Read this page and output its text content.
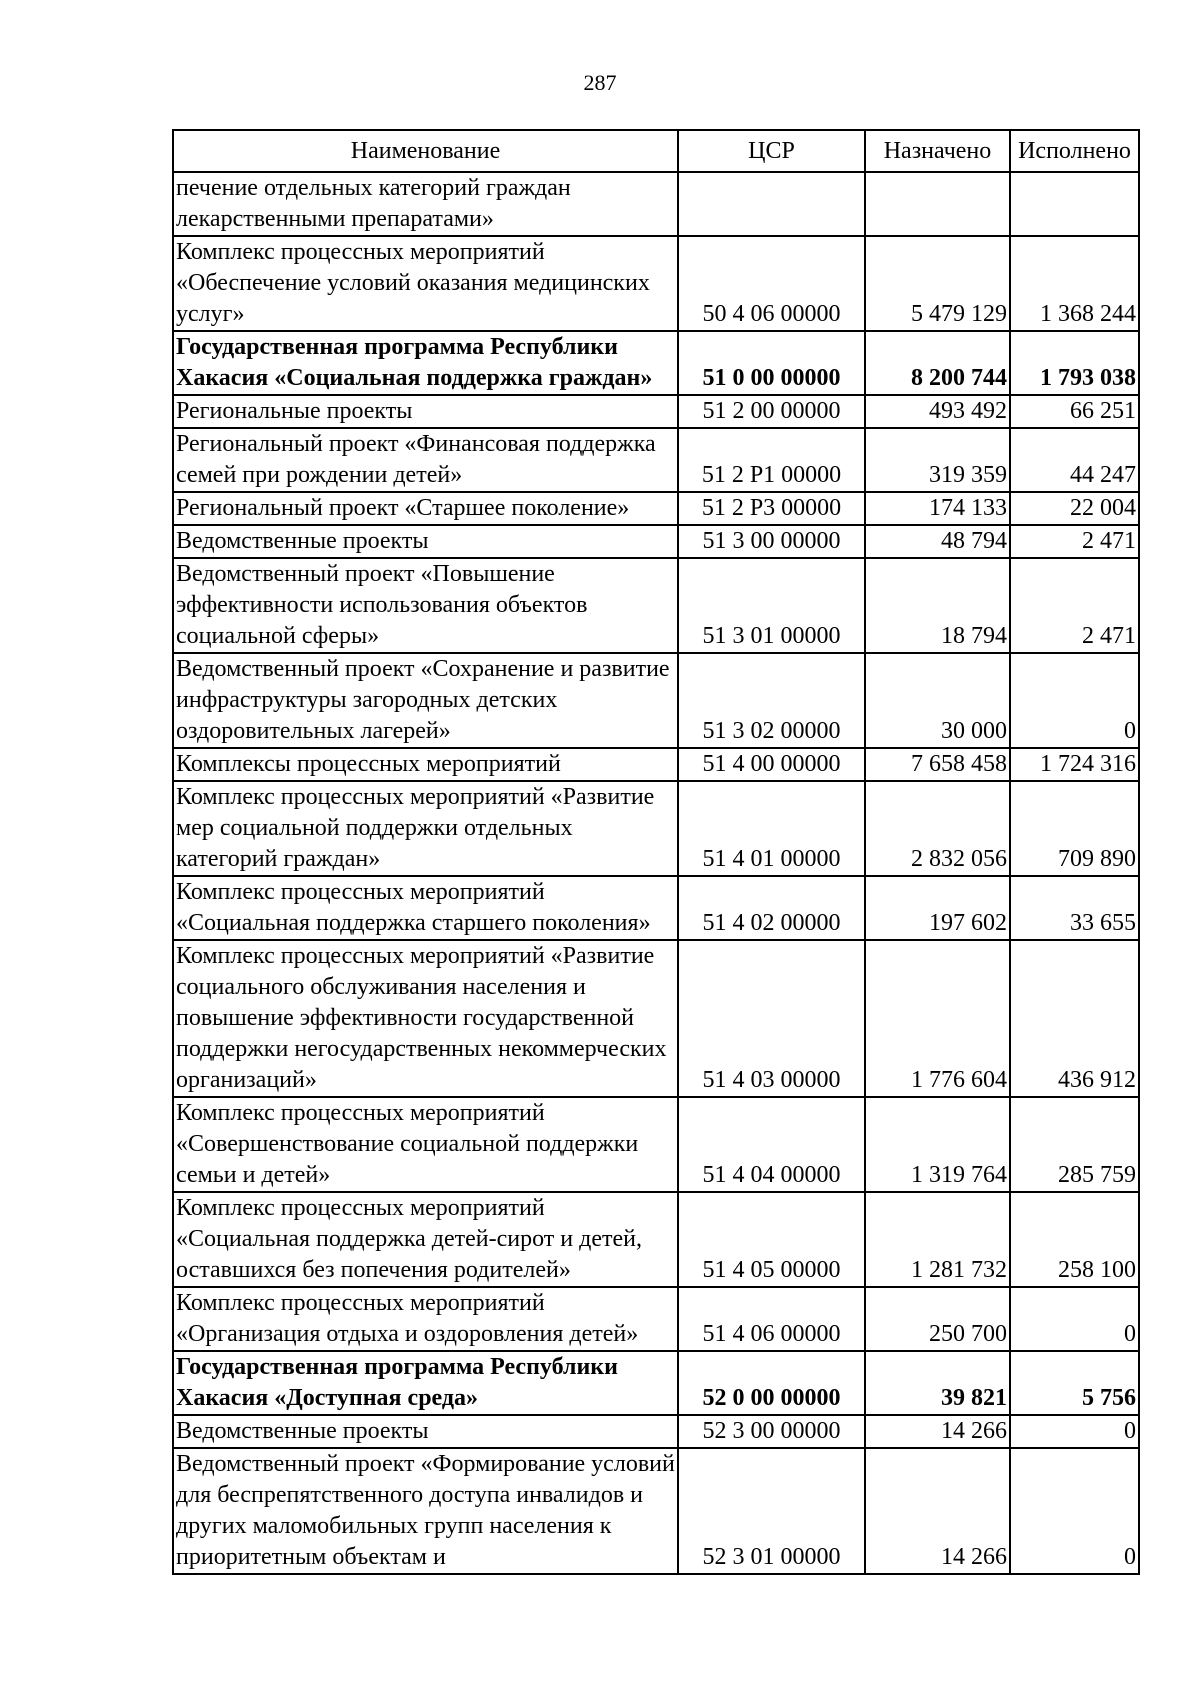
287
Наименование	ЦСР	Назначено	Исполнено
печение отдельных категорий граждан лекарственными препаратами»			
Комплекс процессных мероприятий «Обеспечение условий оказания медицинских услуг»	50 4 06 00000	5 479 129	1 368 244
Государственная программа Республики Хакасия «Социальная поддержка граждан»	51 0 00 00000	8 200 744	1 793 038
Региональные проекты	51 2 00 00000	493 492	66 251
Региональный проект «Финансовая поддержка семей при рождении детей»	51 2 P1 00000	319 359	44 247
Региональный проект «Старшее поколение»	51 2 P3 00000	174 133	22 004
Ведомственные проекты	51 3 00 00000	48 794	2 471
Ведомственный проект «Повышение эффективности использования объектов социальной сферы»	51 3 01 00000	18 794	2 471
Ведомственный проект «Сохранение и развитие инфраструктуры загородных детских оздоровительных лагерей»	51 3 02 00000	30 000	0
Комплексы процессных мероприятий	51 4 00 00000	7 658 458	1 724 316
Комплекс процессных мероприятий «Развитие мер социальной поддержки отдельных категорий граждан»	51 4 01 00000	2 832 056	709 890
Комплекс процессных мероприятий «Социальная поддержка старшего поколения»	51 4 02 00000	197 602	33 655
Комплекс процессных мероприятий «Развитие социального обслуживания населения и повышение эффективности государственной поддержки негосударственных некоммерческих организаций»	51 4 03 00000	1 776 604	436 912
Комплекс процессных мероприятий «Совершенствование социальной поддержки семьи и детей»	51 4 04 00000	1 319 764	285 759
Комплекс процессных мероприятий «Социальная поддержка детей-сирот и детей, оставшихся без попечения родителей»	51 4 05 00000	1 281 732	258 100
Комплекс процессных мероприятий «Организация отдыха и оздоровления детей»	51 4 06 00000	250 700	0
Государственная программа Республики Хакасия «Доступная среда»	52 0 00 00000	39 821	5 756
Ведомственные проекты	52 3 00 00000	14 266	0
Ведомственный проект «Формирование условий для беспрепятственного доступа инвалидов и других маломобильных групп населения к приоритетным объектам и	52 3 01 00000	14 266	0
